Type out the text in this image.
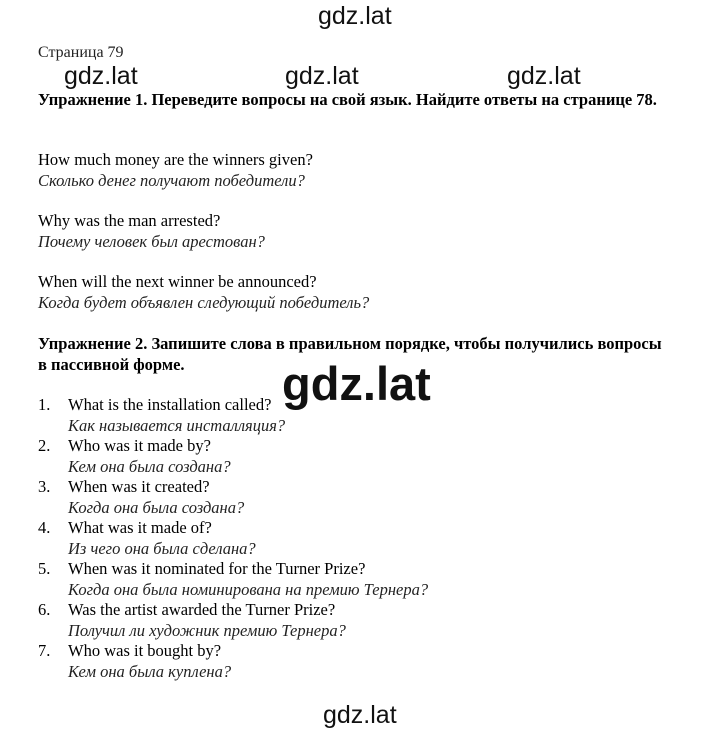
gdz.lat
Страница 79
gdz.lat	gdz.lat	gdz.lat
Упражнение 1. Переведите вопросы на свой язык. Найдите ответы на странице 78.
How much money are the winners given?
Сколько денег получают победители?
Why was the man arrested?
Почему человек был арестован?
When will the next winner be announced?
Когда будет объявлен следующий победитель?
Упражнение 2. Запишите слова в правильном порядке, чтобы получились вопросы в пассивной форме.
1. What is the installation called?
Как называется инсталляция?
2. Who was it made by?
Кем она была создана?
3. When was it created?
Когда она была создана?
4. What was it made of?
Из чего она была сделана?
5. When was it nominated for the Turner Prize?
Когда она была номинирована на премию Тернера?
6. Was the artist awarded the Turner Prize?
Получил ли художник премию Тернера?
7. Who was it bought by?
Кем она была куплена?
gdz.lat
gdz.lat
